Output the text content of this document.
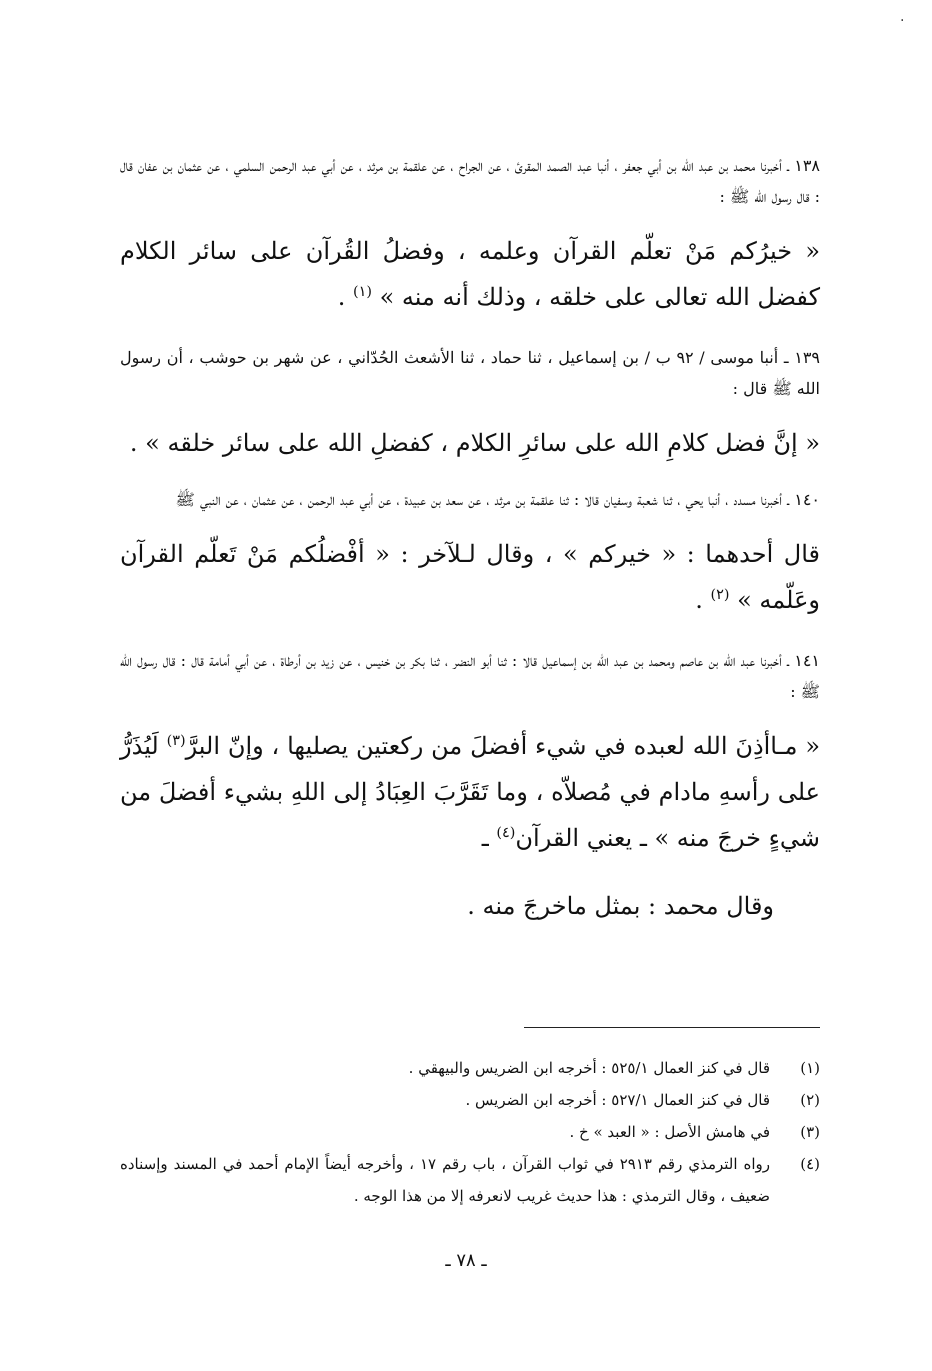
٠

١٣٨ ـ أخبرنا محمد بن عبد الله بن أبي جعفر ، أنبا عبد الصمد المقرئ ، عن الجراح ، عن علقمة بن مرثد ، عن أبي عبد الرحمن السلمي ، عن عثمان بن عفان قال : قال رسول الله ﷺ :

« خيرُكم مَنْ تعلّم القرآن وعلمه ، وفضلُ القُرآن على سائر الكلام كفضل الله تعالى على خلقه ، وذلك أنه منه » $^{(١)}$ .

١٣٩ ـ أنبا موسى / ٩٢ ب / بن إسماعيل ، ثنا حماد ، ثنا الأشعث الحُدّاني ، عن شهر بن حوشب ، أن رسول الله ﷺ قال :

« إنَّ فضل كلامِ الله على سائرِ الكلام ، كفضلِ الله على سائر خلقه » .

١٤٠ ـ أخبرنا مسدد ، أنبا يحي ، ثنا شعبة وسفيان قالا : ثنا علقمة بن مرثد ، عن سعد بن عبيدة ، عن أبي عبد الرحمن ، عن عثمان ، عن النبي ﷺ

قال أحدهما : « خيركم » ، وقال لـلآخر : « أفْضلُكم مَنْ تَعلّم القرآن وعَلّمه » $^{(٢)}$ .

١٤١ ـ أخبرنا عبد الله بن عاصم ومحمد بن عبد الله بن إسماعيل قالا : ثنا أبو النضر ، ثنا بكر بن خنيس ، عن زيد بن أرطاة ، عن أبي أمامة قال : قال رسول الله ﷺ :

« مـاأذِنَ الله لعبده في شيء أفضلَ من ركعتين يصليها ، وإنّ البرَّ$^{(٣)}$ لَيُذَرُّ على رأسهِ مادام في مُصلاّه ، وما تَقَرَّبَ العِبَادُ إلى اللهِ بشيء أفضلَ من شيءٍ خرجَ منه » ـ يعني القرآن$^{(٤)}$ ـ

وقال محمد : بمثل ماخرجَ منه .

(١)
قال في كنز العمال ٥٢٥/١ : أخرجه ابن الضريس والبيهقي .
(٢)
قال في كنز العمال ٥٢٧/١ : أخرجه ابن الضريس .
(٣)
في هامش الأصل : « العبد » خ .
(٤)
رواه الترمذي رقم ٢٩١٣ في ثواب القرآن ، باب رقم ١٧ ، وأخرجه أيضاً الإمام أحمد في المسند وإسناده ضعيف ، وقال الترمذي : هذا حديث غريب لانعرفه إلا من هذا الوجه .
ـ ٧٨ ـ
